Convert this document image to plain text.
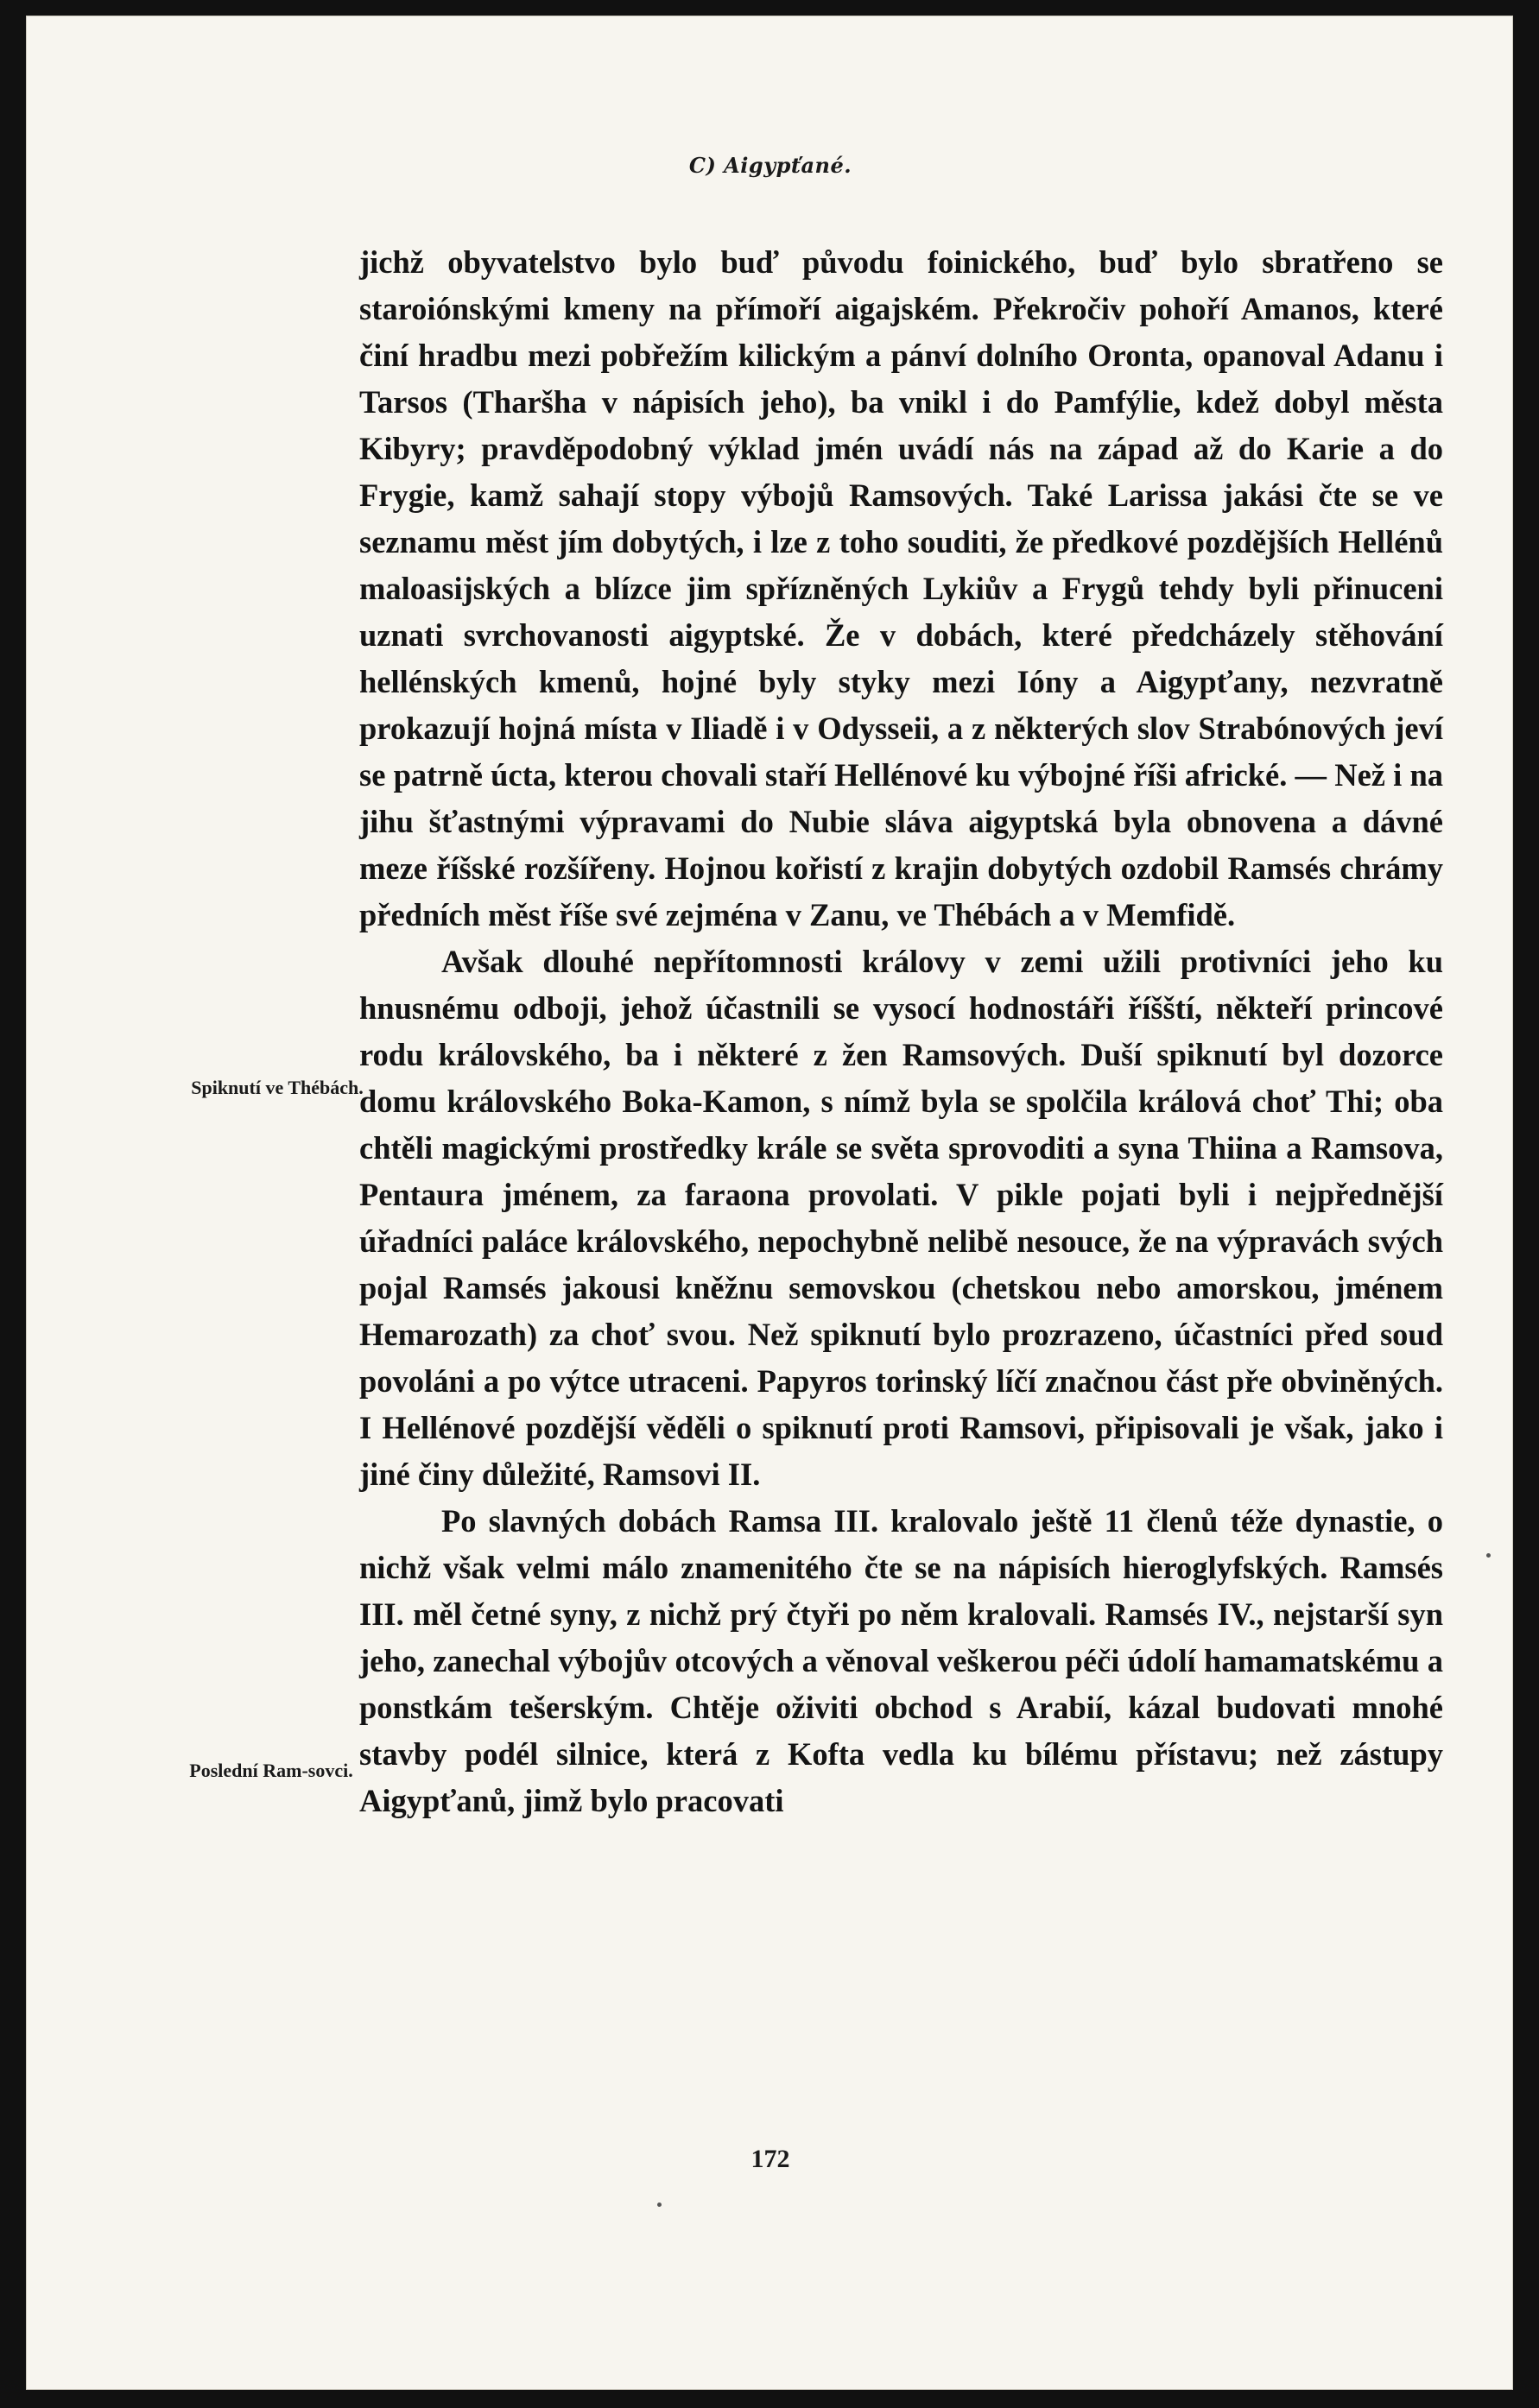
C) Aigypťané.
Spiknutí ve Thébách.
Poslední Ram-sovci.

jichž obyvatelstvo bylo buď původu foinického, buď bylo sbratřeno se staroiónskými kmeny na přímoří aigajském. Překročiv pohoří Amanos, které činí hradbu mezi pobřežím kilickým a pánví dolního Oronta, opanoval Adanu i Tarsos (Tharšha v nápisích jeho), ba vnikl i do Pamfýlie, kdež dobyl města Kibyry; pravděpodobný výklad jmén uvádí nás na západ až do Karie a do Frygie, kamž sahají stopy výbojů Ramsových. Také Larissa jakási čte se ve seznamu měst jím dobytých, i lze z toho souditi, že předkové pozdějších Hellénů maloasijských a blízce jim spřízněných Lykiův a Frygů tehdy byli přinuceni uznati svrchovanosti aigyptské. Že v dobách, které předcházely stěhování hellénských kmenů, hojné byly styky mezi Ióny a Aigypťany, nezvratně prokazují hojná místa v Iliadě i v Odysseii, a z některých slov Strabónových jeví se patrně úcta, kterou chovali staří Hellénové ku výbojné říši africké. — Než i na jihu šťastnými výpravami do Nubie sláva aigyptská byla obnovena a dávné meze říšské rozšířeny. Hojnou kořistí z krajin dobytých ozdobil Ramsés chrámy předních měst říše své zejména v Zanu, ve Thébách a v Memfidě.

Avšak dlouhé nepřítomnosti královy v zemi užili protivníci jeho ku hnusnému odboji, jehož účastnili se vysocí hodnostáři říšští, někteří princové rodu královského, ba i některé z žen Ramsových. Duší spiknutí byl dozorce domu královského Boka-Kamon, s nímž byla se spolčila králová choť Thi; oba chtěli magickými prostředky krále se světa sprovoditi a syna Thiina a Ramsova, Pentaura jménem, za faraona provolati. V pikle pojati byli i nejpřednější úřadníci paláce královského, nepochybně nelibě nesouce, že na výpravách svých pojal Ramsés jakousi kněžnu semovskou (chetskou nebo amorskou, jménem Hemarozath) za choť svou. Než spiknutí bylo prozrazeno, účastníci před soud povoláni a po výtce utraceni. Papyros torinský líčí značnou část pře obviněných. I Hellénové pozdější věděli o spiknutí proti Ramsovi, připisovali je však, jako i jiné činy důležité, Ramsovi II.

Po slavných dobách Ramsa III. kralovalo ještě 11 členů téže dynastie, o nichž však velmi málo znamenitého čte se na nápisích hieroglyfských. Ramsés III. měl četné syny, z nichž prý čtyři po něm kralovali. Ramsés IV., nejstarší syn jeho, zanechal výbojův otcových a věnoval veškerou péči údolí hamamatskému a ponstkám tešerským. Chtěje oživiti obchod s Arabií, kázal budovati mnohé stavby podél silnice, která z Kofta vedla ku bílému přístavu; než zástupy Aigypťanů, jimž bylo pracovati

172
